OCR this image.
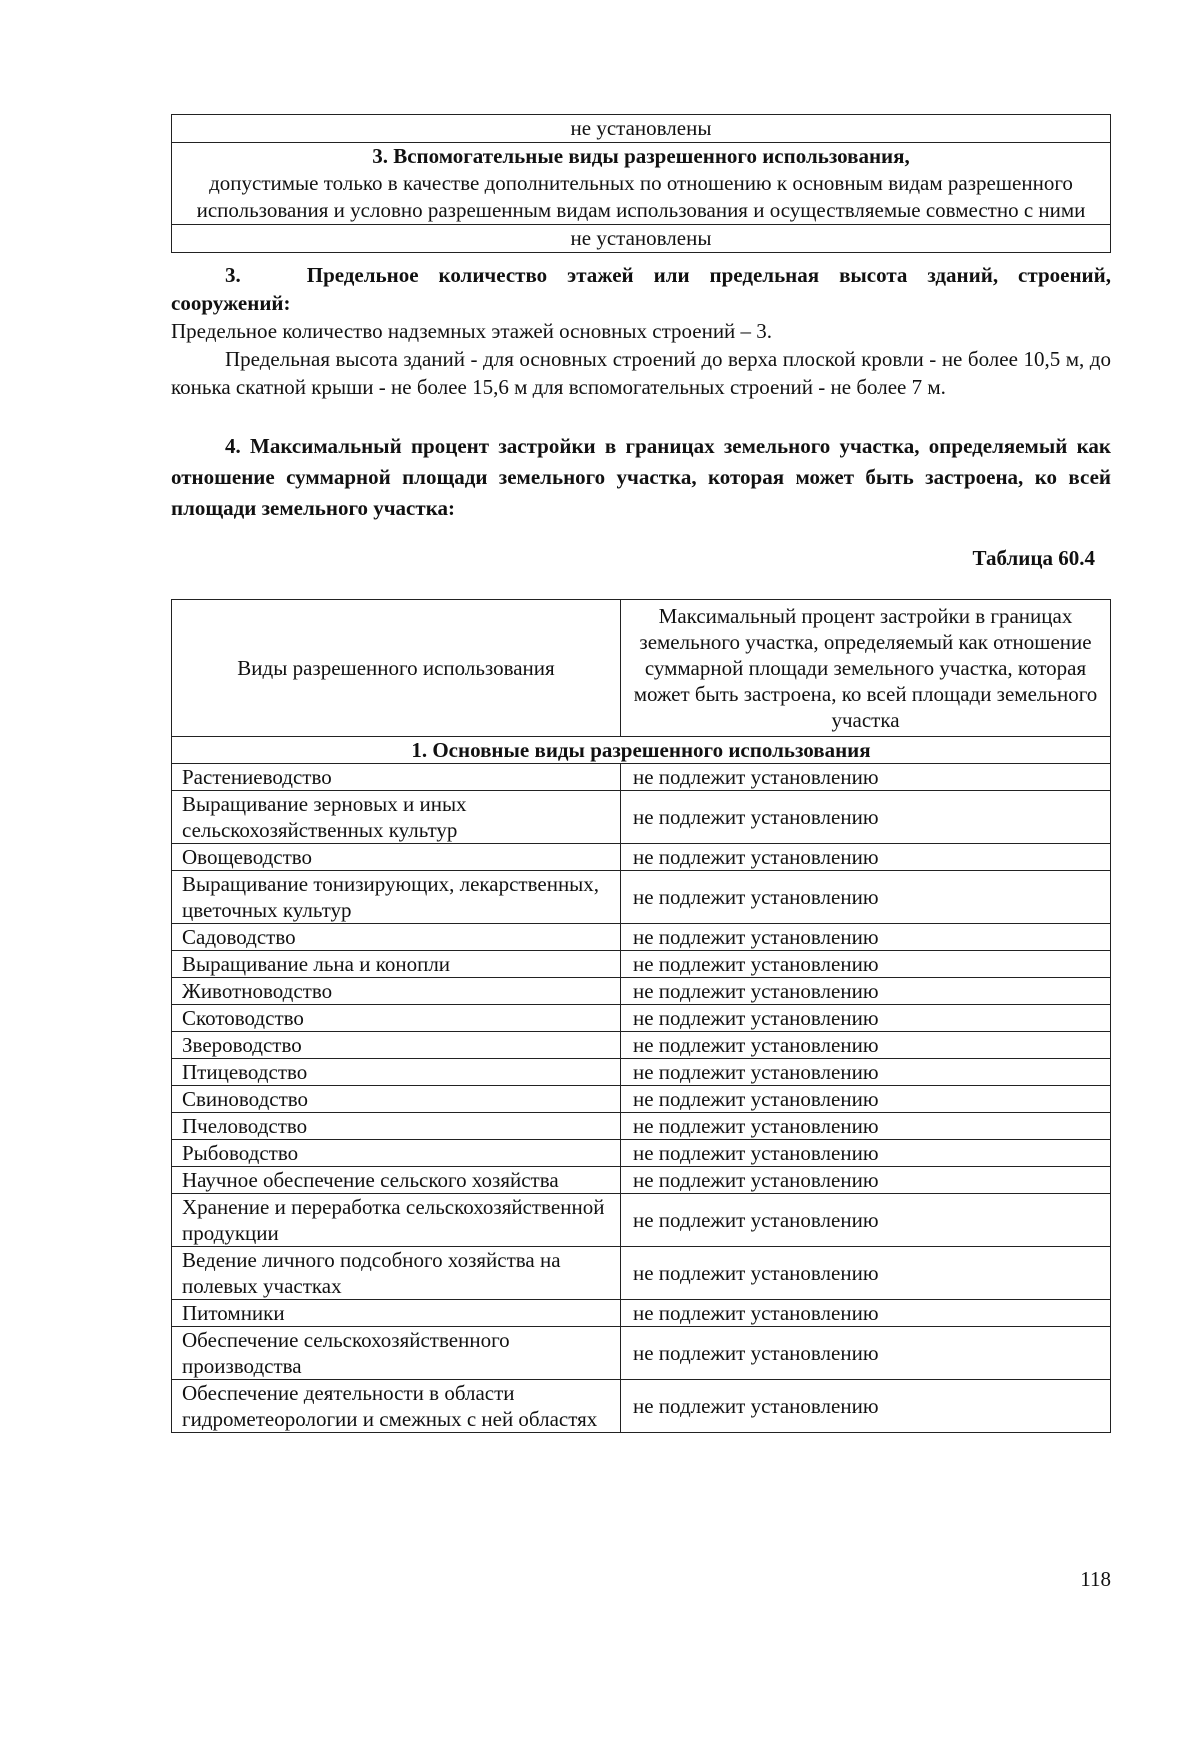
не установлены

3. Вспомогательные виды разрешенного использования,
допустимые только в качестве дополнительных по отношению к основным видам разрешенного использования и условно разрешенным видам использования и осуществляемые совместно с ними

не установлены
3.	Предельное количество этажей или предельная высота зданий, строений, сооружений:
Предельное количество надземных этажей основных строений – 3.
Предельная высота зданий - для основных строений до верха плоской кровли - не более 10,5 м, до конька скатной крыши - не более 15,6 м для вспомогательных строений - не более 7 м.
4. Максимальный процент застройки в границах земельного участка, определяемый как отношение суммарной площади земельного участка, которая может быть застроена, ко всей площади земельного участка:
Таблица 60.4
Виды разрешенного использования	Максимальный процент застройки в границах земельного участка, определяемый как отношение суммарной площади земельного участка, которая может быть застроена, ко всей площади земельного участка
1. Основные виды разрешенного использования	
Растениеводство	не подлежит установлению
Выращивание зерновых и иных сельскохозяйственных культур	не подлежит установлению
Овощеводство	не подлежит установлению
Выращивание тонизирующих, лекарственных, цветочных культур	не подлежит установлению
Садоводство	не подлежит установлению
Выращивание льна и конопли	не подлежит установлению
Животноводство	не подлежит установлению
Скотоводство	не подлежит установлению
Звероводство	не подлежит установлению
Птицеводство	не подлежит установлению
Свиноводство	не подлежит установлению
Пчеловодство	не подлежит установлению
Рыбоводство	не подлежит установлению
Научное обеспечение сельского хозяйства	не подлежит установлению
Хранение и переработка сельскохозяйственной продукции	не подлежит установлению
Ведение личного подсобного хозяйства на полевых участках	не подлежит установлению
Питомники	не подлежит установлению
Обеспечение сельскохозяйственного производства	не подлежит установлению
Обеспечение деятельности в области гидрометеорологии и смежных с ней областях	не подлежит установлению
118
